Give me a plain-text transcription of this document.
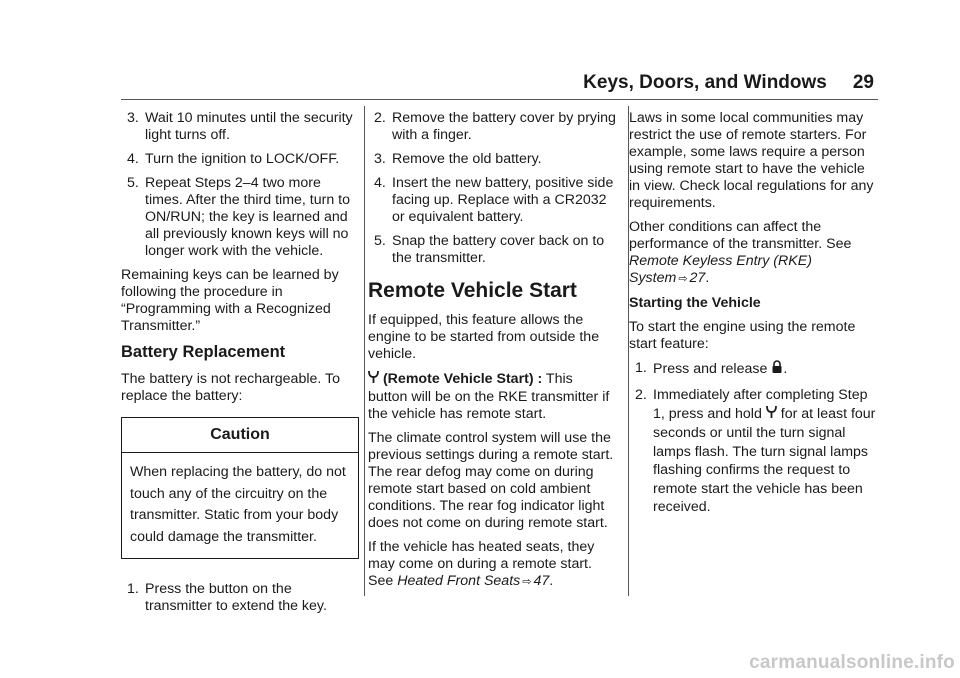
Keys, Doors, and Windows 29
3. Wait 10 minutes until the security light turns off.
4. Turn the ignition to LOCK/OFF.
5. Repeat Steps 2–4 two more times. After the third time, turn to ON/RUN; the key is learned and all previously known keys will no longer work with the vehicle.

Remaining keys can be learned by following the procedure in “Programming with a Recognized Transmitter.”

Battery Replacement

The battery is not rechargeable. To replace the battery:

Caution
When replacing the battery, do not touch any of the circuitry on the transmitter. Static from your body could damage the transmitter.
1. Press the button on the transmitter to extend the key.
2. Remove the battery cover by prying with a finger.
3. Remove the old battery.
4. Insert the new battery, positive side facing up. Replace with a CR2032 or equivalent battery.
5. Snap the battery cover back on to the transmitter.
Remote Vehicle Start

If equipped, this feature allows the engine to be started from outside the vehicle.

(Remote Vehicle Start) : This button will be on the RKE transmitter if the vehicle has remote start.

The climate control system will use the previous settings during a remote start. The rear defog may come on during remote start based on cold ambient conditions. The rear fog indicator light does not come on during remote start.

If the vehicle has heated seats, they may come on during a remote start. See Heated Front Seats ⇨ 47.

Laws in some local communities may restrict the use of remote starters. For example, some laws require a person using remote start to have the vehicle in view. Check local regulations for any requirements.

Other conditions can affect the performance of the transmitter. See Remote Keyless Entry (RKE) System ⇨ 27.

Starting the Vehicle

To start the engine using the remote start feature:

1. Press and release .
2. Immediately after completing Step 1, press and hold for at least four seconds or until the turn signal lamps flash. The turn signal lamps flashing confirms the request to remote start the vehicle has been received.
carmanualsonline.info
